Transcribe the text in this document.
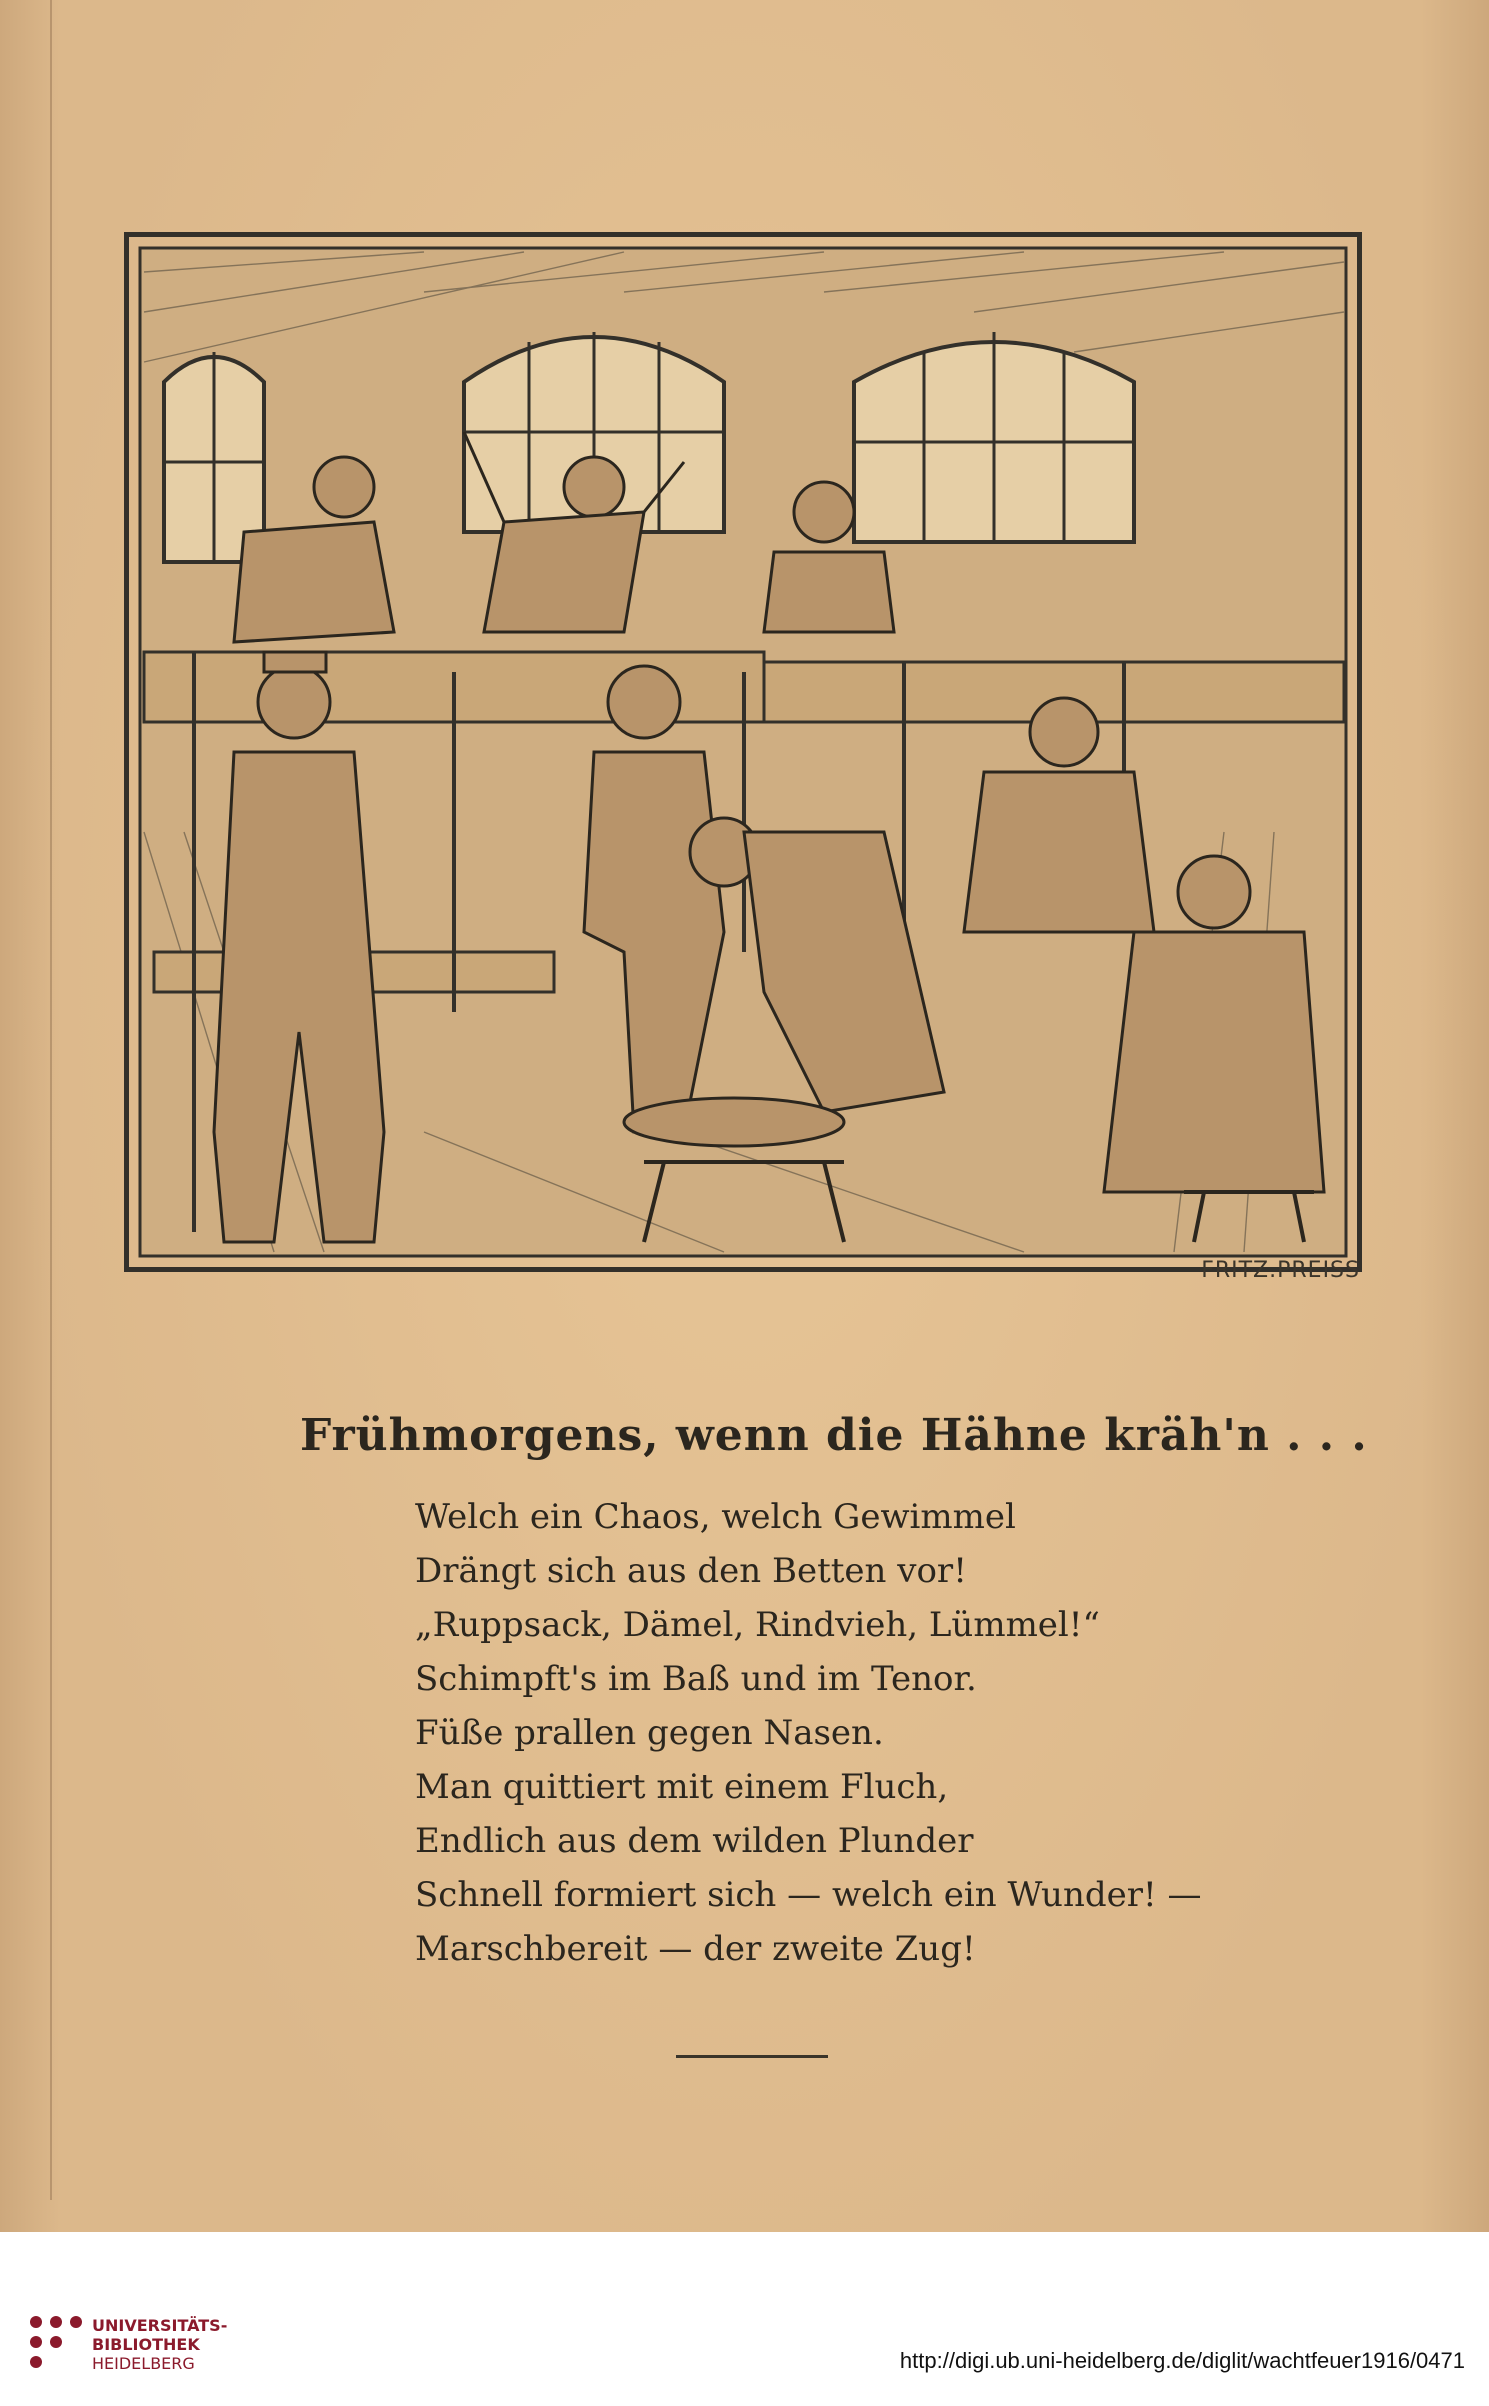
FRITZ.PREISS
Frühmorgens, wenn die Hähne kräh'n . . .
Welch ein Chaos, welch Gewimmel
Drängt sich aus den Betten vor!
„Ruppsack, Dämel, Rindvieh, Lümmel!“
Schimpft's im Baß und im Tenor.
Füße prallen gegen Nasen.
Man quittiert mit einem Fluch,
Endlich aus dem wilden Plunder
Schnell formiert sich — welch ein Wunder! —
Marschbereit — der zweite Zug!
UNIVERSITÄTS-
BIBLIOTHEK
HEIDELBERG	http://digi.ub.uni-heidelberg.de/diglit/wachtfeuer1916/0471
